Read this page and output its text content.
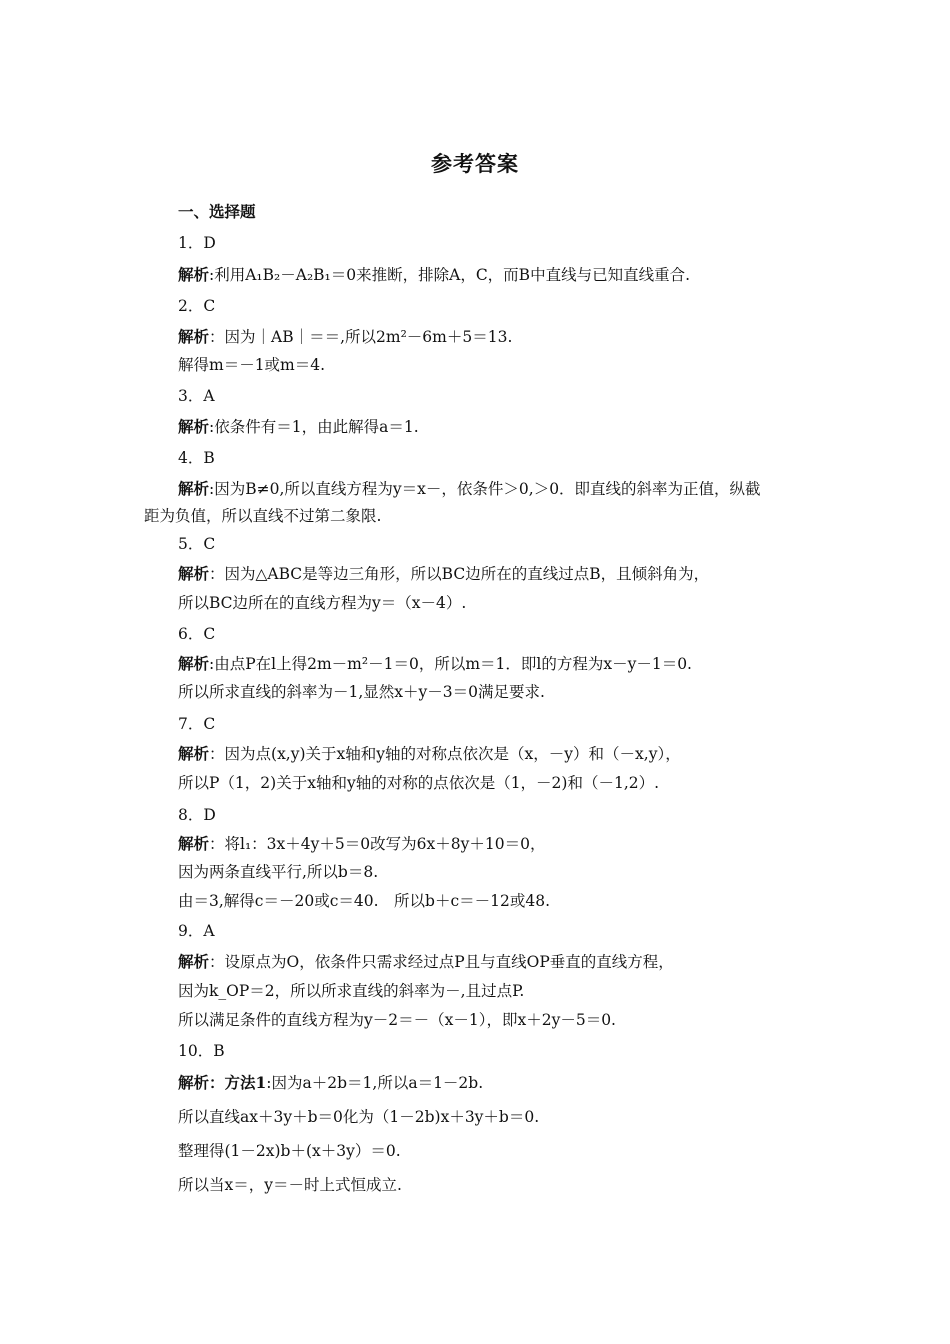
参考答案
一、选择题
1．D
解析:利用A₁B₂－A₂B₁＝0来推断，排除A，C，而B中直线与已知直线重合.
2．C
解析：因为｜AB｜＝＝,所以2m²－6m＋5＝13.
解得m＝－1或m＝4.
3．A
解析:依条件有＝1，由此解得a＝1.
4．B
解析:因为B≠0,所以直线方程为y＝x－，依条件＞0,＞0．即直线的斜率为正值，纵截
距为负值，所以直线不过第二象限.
5．C
解析：因为△ABC是等边三角形，所以BC边所在的直线过点B，且倾斜角为，
所以BC边所在的直线方程为y＝（x－4）.
6．C
解析:由点P在l上得2m－m²－1＝0，所以m＝1．即l的方程为x－y－1＝0.
所以所求直线的斜率为－1,显然x＋y－3＝0满足要求.
7．C
解析：因为点(x,y)关于x轴和y轴的对称点依次是（x，－y）和（－x,y），
所以P（1，2)关于x轴和y轴的对称的点依次是（1，－2)和（－1,2）.
8．D
解析：将l₁：3x＋4y＋5＝0改写为6x＋8y＋10＝0，
因为两条直线平行,所以b＝8.
由＝3,解得c＝－20或c＝40.　所以b＋c＝－12或48.
9．A
解析：设原点为O，依条件只需求经过点P且与直线OP垂直的直线方程，
因为k_OP＝2，所以所求直线的斜率为－,且过点P.
所以满足条件的直线方程为y－2＝－（x－1），即x＋2y－5＝0.
10．B
解析：方法1:因为a＋2b＝1,所以a＝1－2b.
所以直线ax＋3y＋b＝0化为（1－2b)x＋3y＋b＝0.
整理得(1－2x)b＋(x＋3y）＝0.
所以当x＝，y＝－时上式恒成立.
